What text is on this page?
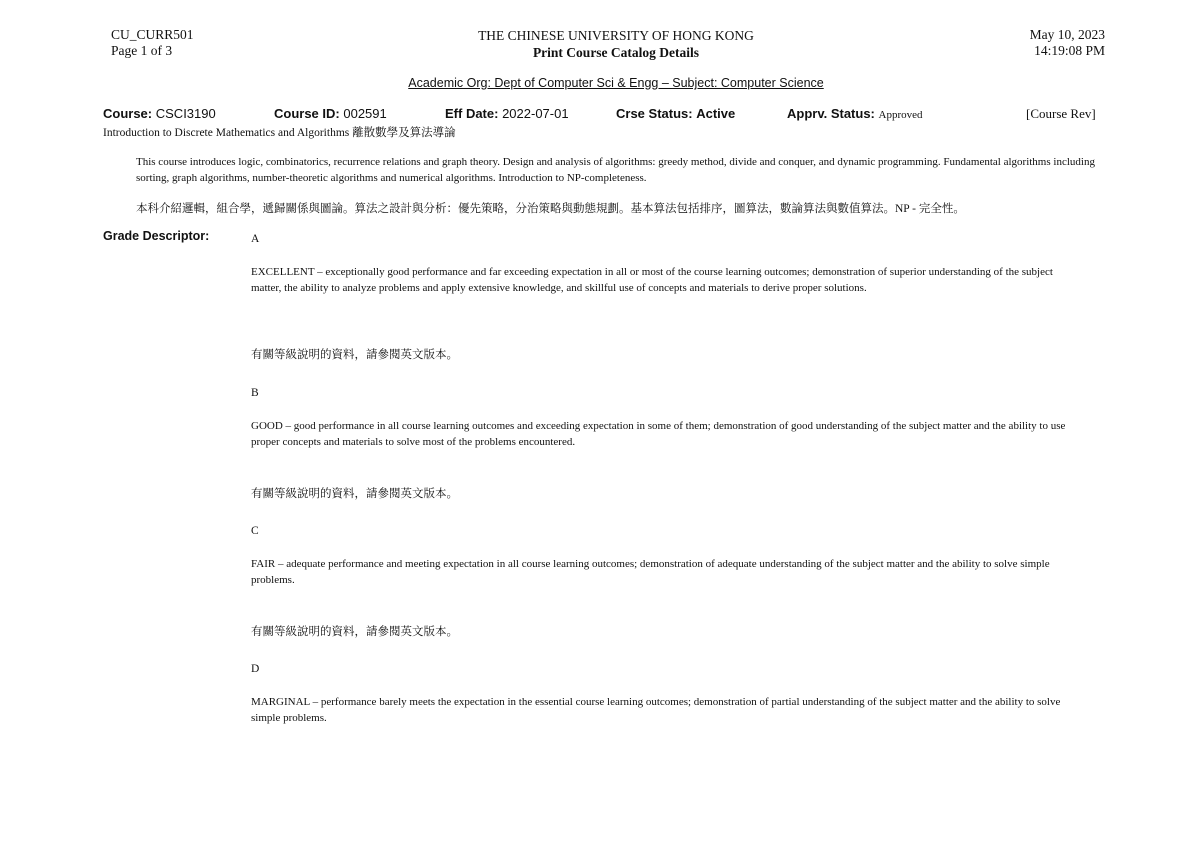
CU_CURR501
Page 1 of 3
THE CHINESE UNIVERSITY OF HONG KONG
Print Course Catalog Details
May 10, 2023
14:19:08 PM
Academic Org: Dept of Computer Sci & Engg – Subject: Computer Science
Course: CSCI3190	Course ID: 002591	Eff Date: 2022-07-01	Crse Status: Active	Apprv. Status: Approved	[Course Rev]
Introduction to Discrete Mathematics and Algorithms 離散數學及算法導論
This course introduces logic, combinatorics, recurrence relations and graph theory. Design and analysis of algorithms: greedy method, divide and conquer, and dynamic programming. Fundamental algorithms including sorting, graph algorithms, number-theoretic algorithms and numerical algorithms. Introduction to NP-completeness.
本科介紹邏輯，組合學，遞歸關係與圖論。算法之設計與分析：優先策略，分治策略與動態規劃。基本算法包括排序，圖算法，數論算法與數值算法。NP - 完全性。
Grade Descriptor:	A
EXCELLENT – exceptionally good performance and far exceeding expectation in all or most of the course learning outcomes; demonstration of superior understanding of the subject matter, the ability to analyze problems and apply extensive knowledge, and skillful use of concepts and materials to derive proper solutions.
有關等級說明的資料，請參閱英文版本。
B
GOOD – good performance in all course learning outcomes and exceeding expectation in some of them; demonstration of good understanding of the subject matter and the ability to use proper concepts and materials to solve most of the problems encountered.
有關等級說明的資料，請參閱英文版本。
C
FAIR – adequate performance and meeting expectation in all course learning outcomes; demonstration of adequate understanding of the subject matter and the ability to solve simple problems.
有關等級說明的資料，請參閱英文版本。
D
MARGINAL – performance barely meets the expectation in the essential course learning outcomes; demonstration of partial understanding of the subject matter and the ability to solve simple problems.
